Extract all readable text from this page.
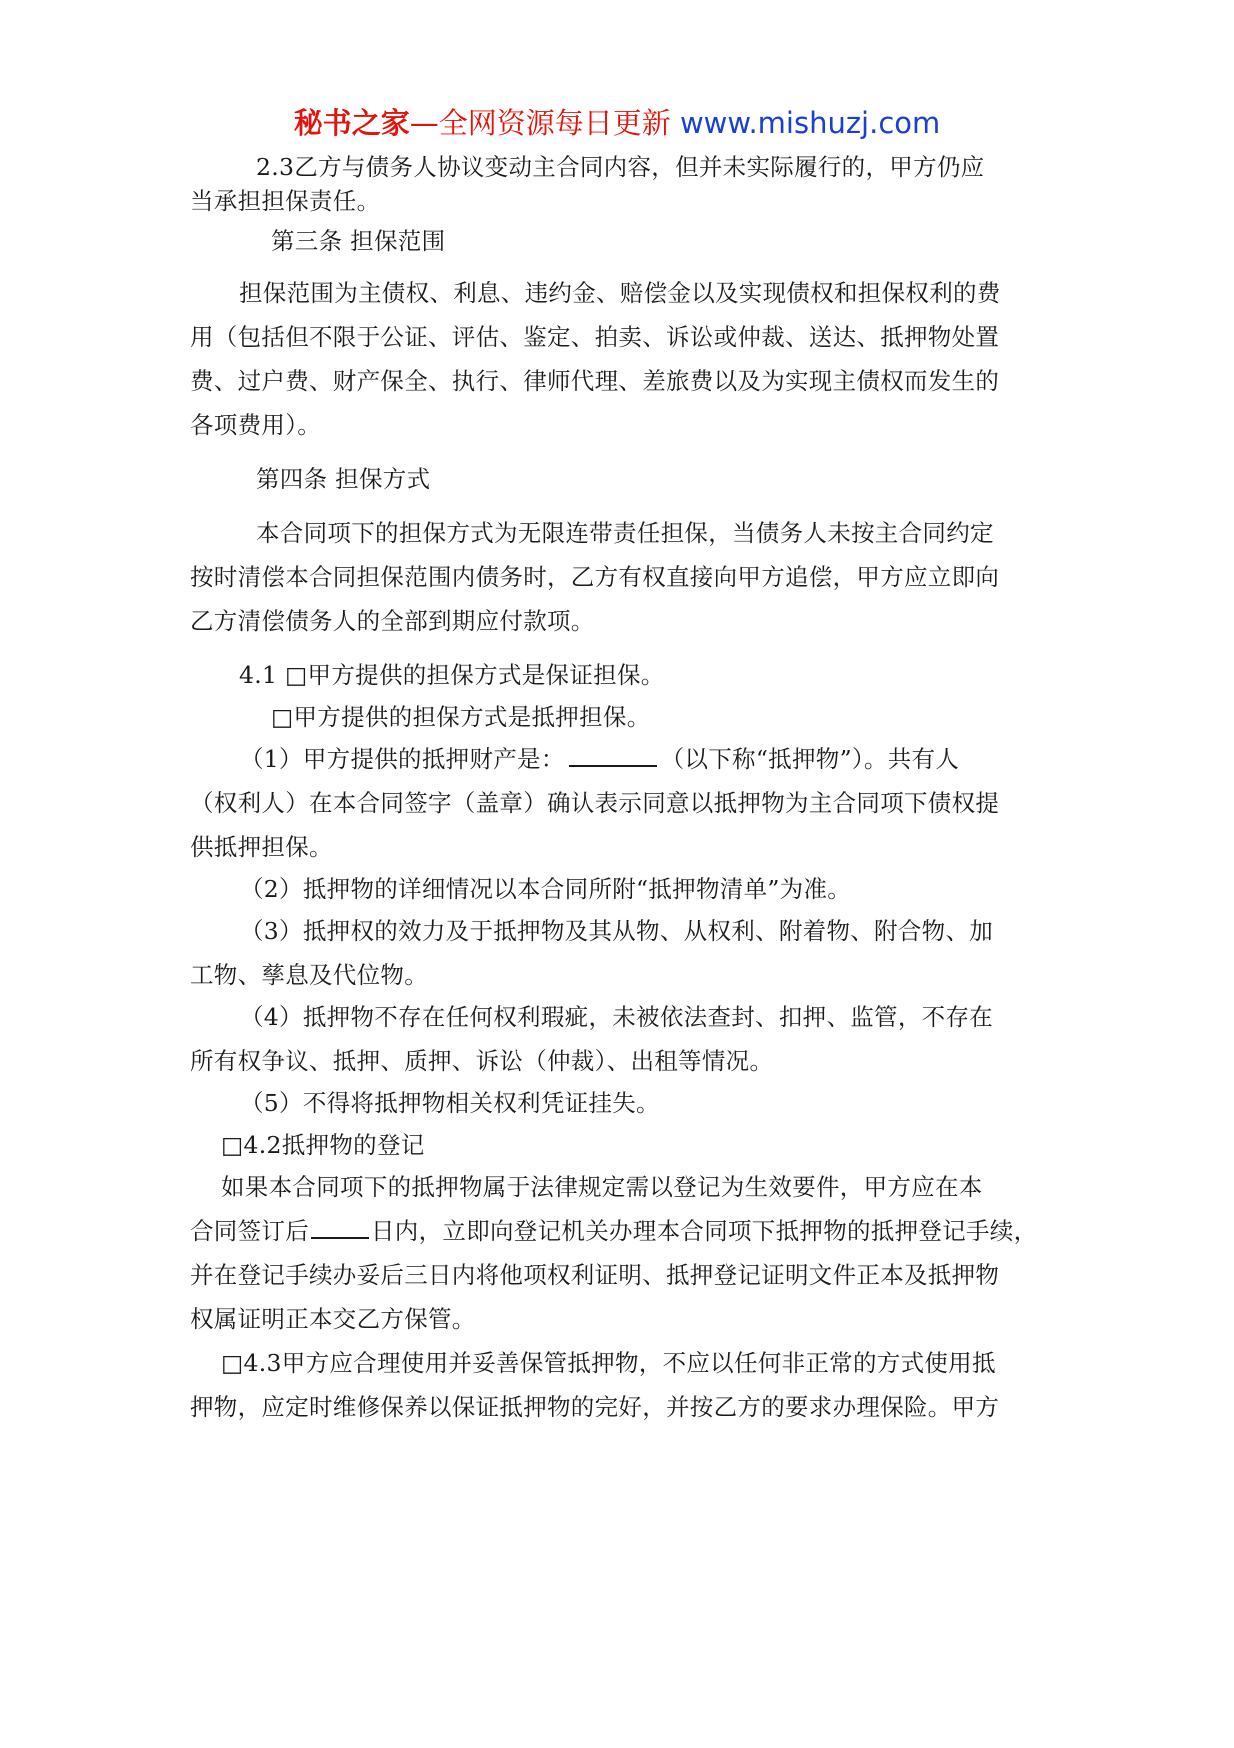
秘书之家—全网资源每日更新 www.mishuzj.com
2.3乙方与债务人协议变动主合同内容，但并未实际履行的，甲方仍应
当承担担保责任。
第三条 担保范围
担保范围为主债权、利息、违约金、赔偿金以及实现债权和担保权利的费
用（包括但不限于公证、评估、鉴定、拍卖、诉讼或仲裁、送达、抵押物处置
费、过户费、财产保全、执行、律师代理、差旅费以及为实现主债权而发生的
各项费用）。
第四条 担保方式
本合同项下的担保方式为无限连带责任担保，当债务人未按主合同约定
按时清偿本合同担保范围内债务时，乙方有权直接向甲方追偿，甲方应立即向
乙方清偿债务人的全部到期应付款项。
4.1 □甲方提供的担保方式是保证担保。
□甲方提供的担保方式是抵押担保。
（1）甲方提供的抵押财产是：	（以下称“抵押物”）。共有人
（权利人）在本合同签字（盖章）确认表示同意以抵押物为主合同项下债权提
供抵押担保。
（2）抵押物的详细情况以本合同所附“抵押物清单”为准。
（3）抵押权的效力及于抵押物及其从物、从权利、附着物、附合物、加
工物、孳息及代位物。
（4）抵押物不存在任何权利瑕疵，未被依法查封、扣押、监管，不存在
所有权争议、抵押、质押、诉讼（仲裁）、出租等情况。
（5）不得将抵押物相关权利凭证挂失。
□4.2抵押物的登记
如果本合同项下的抵押物属于法律规定需以登记为生效要件，甲方应在本
合同签订后	日内，立即向登记机关办理本合同项下抵押物的抵押登记手续，
并在登记手续办妥后三日内将他项权利证明、抵押登记证明文件正本及抵押物
权属证明正本交乙方保管。
□4.3甲方应合理使用并妥善保管抵押物，不应以任何非正常的方式使用抵
押物，应定时维修保养以保证抵押物的完好，并按乙方的要求办理保险。甲方
